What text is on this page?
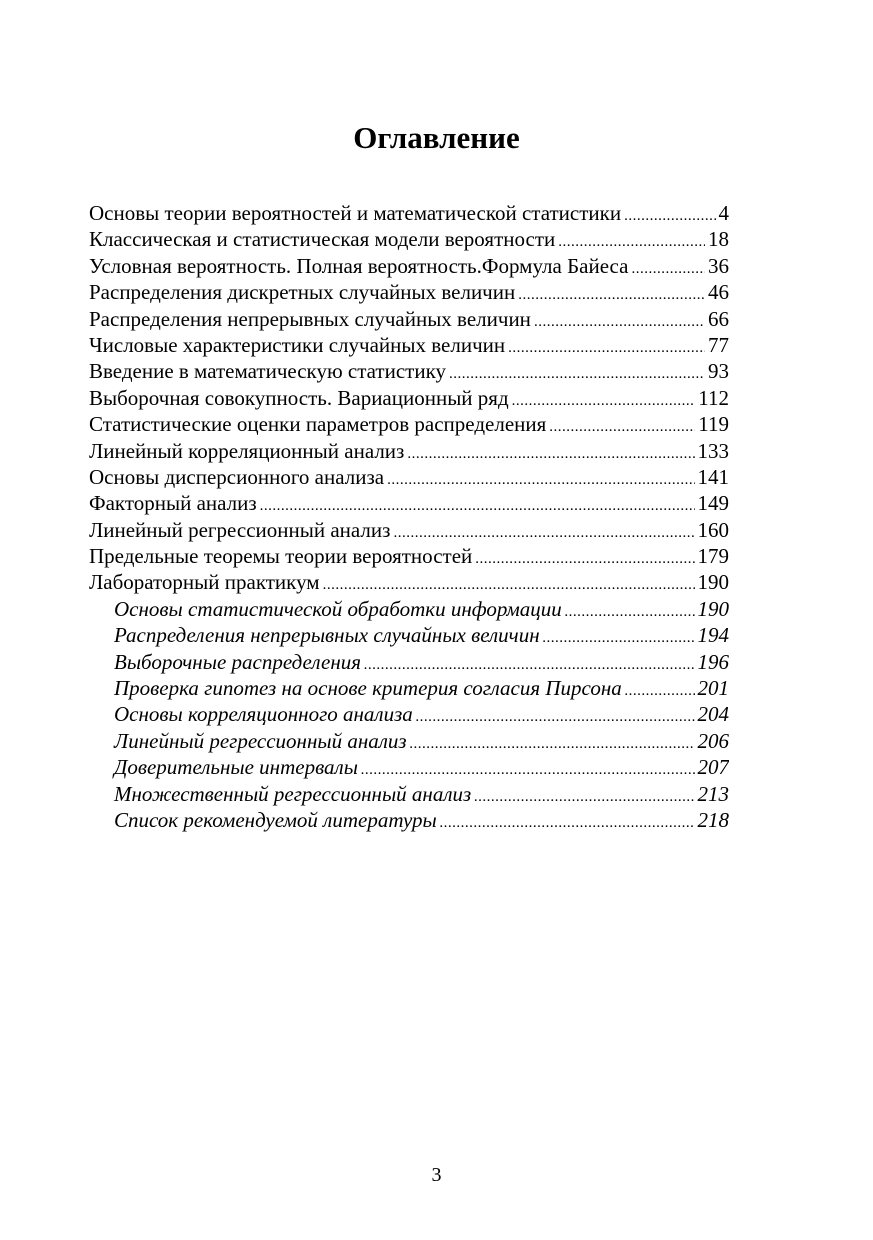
Оглавление
Основы теории вероятностей и математической статистики .....	4
Классическая и статистическая модели вероятности .....	18
Условная вероятность. Полная вероятность.Формула Байеса .....	36
Распределения дискретных случайных величин .....	46
Распределения непрерывных случайных величин .....	66
Числовые характеристики случайных величин .....	77
Введение в математическую статистику .....	93
Выборочная совокупность. Вариационный ряд .....	112
Статистические оценки параметров распределения .....	119
Линейный корреляционный анализ .....	133
Основы дисперсионного анализа .....	141
Факторный анализ .....	149
Линейный регрессионный анализ .....	160
Предельные теоремы теории вероятностей .....	179
Лабораторный практикум .....	190
Основы статистической обработки информации .....	190
Распределения непрерывных случайных величин .....	194
Выборочные распределения .....	196
Проверка гипотез на основе критерия согласия Пирсона .....	201
Основы корреляционного анализа .....	204
Линейный регрессионный анализ .....	206
Доверительные интервалы .....	207
Множественный регрессионный анализ .....	213
Список рекомендуемой литературы .....	218
3
